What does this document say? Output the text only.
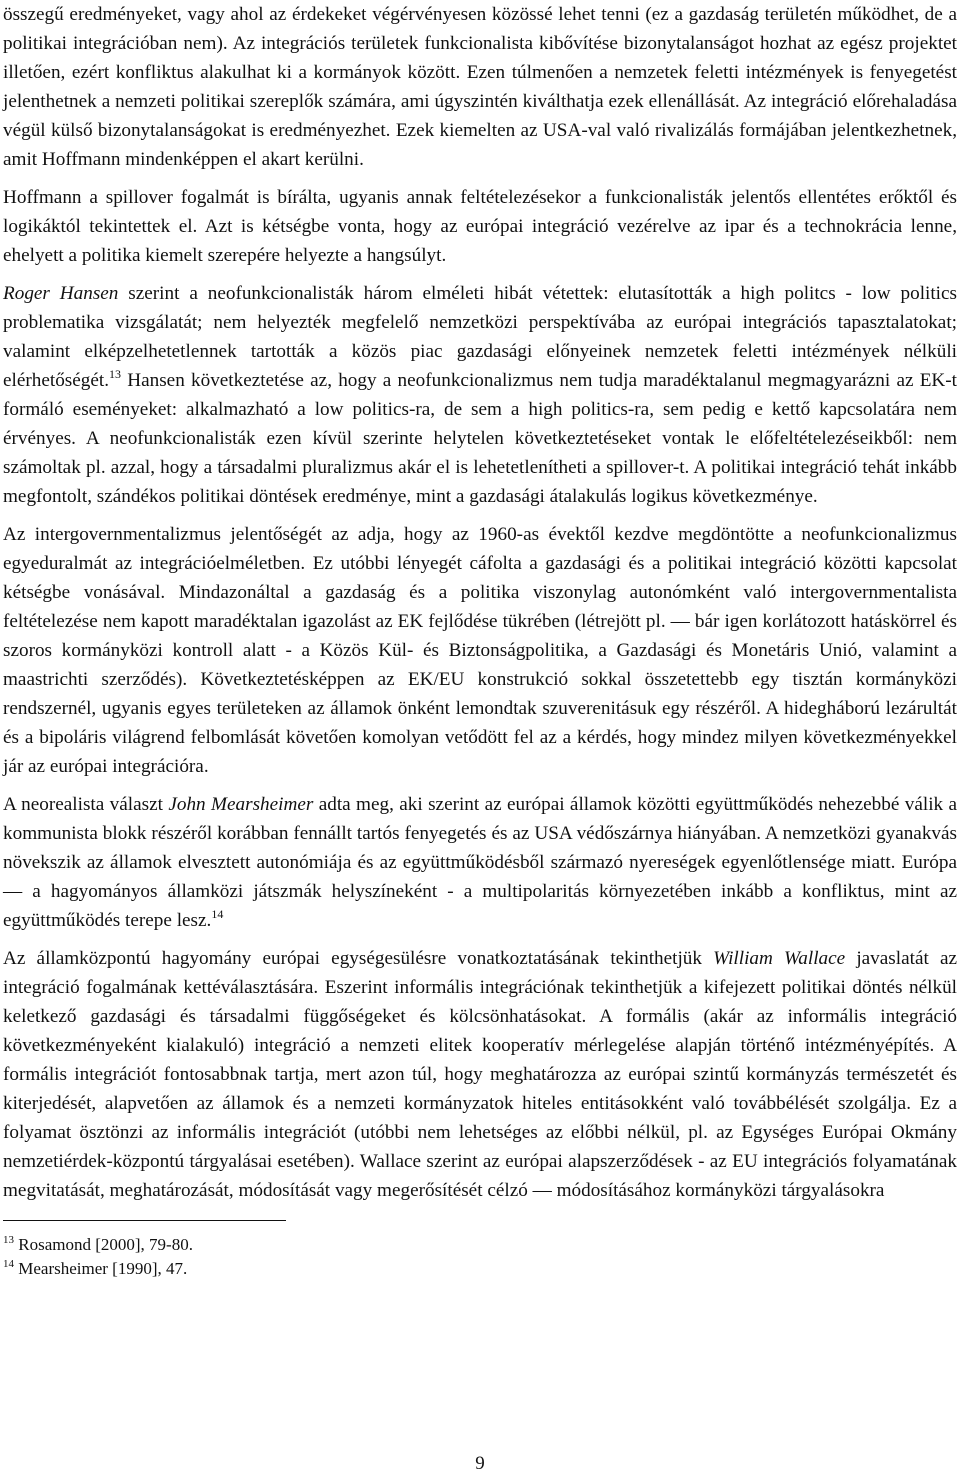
összegű eredményeket, vagy ahol az érdekeket végérvényesen közössé lehet tenni (ez a gazdaság területén működhet, de a politikai integrációban nem). Az integrációs területek funkcionalista kibővítése bizonytalanságot hozhat az egész projektet illetően, ezért konfliktus alakulhat ki a kormányok között. Ezen túlmenően a nemzetek feletti intézmények is fenyegetést jelenthetnek a nemzeti politikai szereplők számára, ami úgyszintén kiválthatja ezek ellenállását. Az integráció előrehaladása végül külső bizonytalanságokat is eredményezhet. Ezek kiemelten az USA-val való rivalizálás formájában jelentkezhetnek, amit Hoffmann mindenképpen el akart kerülni.

Hoffmann a spillover fogalmát is bírálta, ugyanis annak feltételezésekor a funkcionalisták jelentős ellentétes erőktől és logikáktól tekintettek el. Azt is kétségbe vonta, hogy az európai integráció vezérelve az ipar és a technokrácia lenne, ehelyett a politika kiemelt szerepére helyezte a hangsúlyt.

Roger Hansen szerint a neofunkcionalisták három elméleti hibát vétettek: elutasították a high politcs - low politics problematika vizsgálatát; nem helyezték megfelelő nemzetközi perspektívába az európai integrációs tapasztalatokat; valamint elképzelhetetlennek tartották a közös piac gazdasági előnyeinek nemzetek feletti intézmények nélküli elérhetőségét.$^{13}$ Hansen következtetése az, hogy a neofunkcionalizmus nem tudja maradéktalanul megmagyarázni az EK-t formáló eseményeket: alkalmazható a low politics-ra, de sem a high politics-ra, sem pedig e kettő kapcsolatára nem érvényes. A neofunkcionalisták ezen kívül szerinte helytelen következtetéseket vontak le előfeltételezéseikből: nem számoltak pl. azzal, hogy a társadalmi pluralizmus akár el is lehetetlenítheti a spillover-t. A politikai integráció tehát inkább megfontolt, szándékos politikai döntések eredménye, mint a gazdasági átalakulás logikus következménye.

Az intergovernmentalizmus jelentőségét az adja, hogy az 1960-as évektől kezdve megdöntötte a neofunkcionalizmus egyeduralmát az integrációelméletben. Ez utóbbi lényegét cáfolta a gazdasági és a politikai integráció közötti kapcsolat kétségbe vonásával. Mindazonáltal a gazdaság és a politika viszonylag autonómként való intergovernmentalista feltételezése nem kapott maradéktalan igazolást az EK fejlődése tükrében (létrejött pl. — bár igen korlátozott hatáskörrel és szoros kormányközi kontroll alatt - a Közös Kül- és Biztonságpolitika, a Gazdasági és Monetáris Unió, valamint a maastrichti szerződés). Következtetésképpen az EK/EU konstrukció sokkal összetettebb egy tisztán kormányközi rendszernél, ugyanis egyes területeken az államok önként lemondtak szuverenitásuk egy részéről. A hidegháború lezárultát és a bipoláris világrend felbomlását követően komolyan vetődött fel az a kérdés, hogy mindez milyen következményekkel jár az európai integrációra.

A neorealista választ John Mearsheimer adta meg, aki szerint az európai államok közötti együttműködés nehezebbé válik a kommunista blokk részéről korábban fennállt tartós fenyegetés és az USA védőszárnya hiányában. A nemzetközi gyanakvás növekszik az államok elvesztett autonómiája és az együttműködésből származó nyereségek egyenlőtlensége miatt. Európa — a hagyományos államközi játszmák helyszíneként - a multipolaritás környezetében inkább a konfliktus, mint az együttműködés terepe lesz.$^{14}$

Az államközpontú hagyomány európai egységesülésre vonatkoztatásának tekinthetjük William Wallace javaslatát az integráció fogalmának kettéválasztására. Eszerint informális integrációnak tekinthetjük a kifejezett politikai döntés nélkül keletkező gazdasági és társadalmi függőségeket és kölcsönhatásokat. A formális (akár az informális integráció következményeként kialakuló) integráció a nemzeti elitek kooperatív mérlegelése alapján történő intézményépítés. A formális integrációt fontosabbnak tartja, mert azon túl, hogy meghatározza az európai szintű kormányzás természetét és kiterjedését, alapvetően az államok és a nemzeti kormányzatok hiteles entitásokként való továbbélését szolgálja. Ez a folyamat ösztönzi az informális integrációt (utóbbi nem lehetséges az előbbi nélkül, pl. az Egységes Európai Okmány nemzetiérdek-központú tárgyalásai esetében). Wallace szerint az európai alapszerződések - az EU integrációs folyamatának megvitatását, meghatározását, módosítását vagy megerősítését célzó — módosításához kormányközi tárgyalásokra

$^{13}$ Rosamond [2000], 79-80.
$^{14}$ Mearsheimer [1990], 47.
9
